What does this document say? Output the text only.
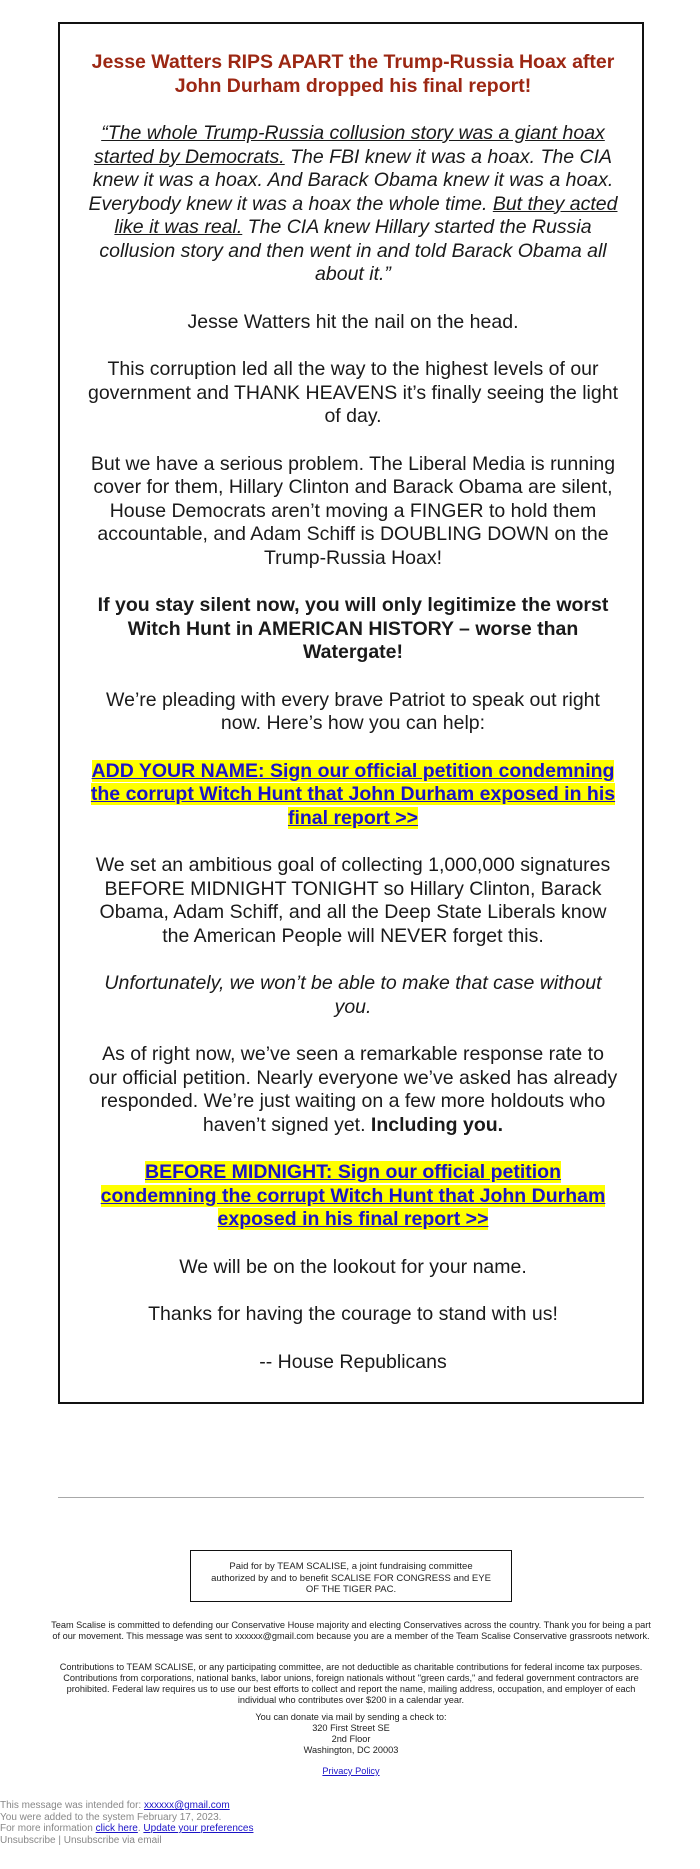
Jesse Watters RIPS APART the Trump-Russia Hoax after John Durham dropped his final report!
“The whole Trump-Russia collusion story was a giant hoax started by Democrats. The FBI knew it was a hoax. The CIA knew it was a hoax. And Barack Obama knew it was a hoax. Everybody knew it was a hoax the whole time. But they acted like it was real. The CIA knew Hillary started the Russia collusion story and then went in and told Barack Obama all about it.”
Jesse Watters hit the nail on the head.
This corruption led all the way to the highest levels of our government and THANK HEAVENS it’s finally seeing the light of day.
But we have a serious problem. The Liberal Media is running cover for them, Hillary Clinton and Barack Obama are silent, House Democrats aren’t moving a FINGER to hold them accountable, and Adam Schiff is DOUBLING DOWN on the Trump-Russia Hoax!
If you stay silent now, you will only legitimize the worst Witch Hunt in AMERICAN HISTORY – worse than Watergate!
We’re pleading with every brave Patriot to speak out right now. Here’s how you can help:
ADD YOUR NAME: Sign our official petition condemning the corrupt Witch Hunt that John Durham exposed in his final report >>
We set an ambitious goal of collecting 1,000,000 signatures BEFORE MIDNIGHT TONIGHT so Hillary Clinton, Barack Obama, Adam Schiff, and all the Deep State Liberals know the American People will NEVER forget this.
Unfortunately, we won’t be able to make that case without you.
As of right now, we’ve seen a remarkable response rate to our official petition. Nearly everyone we’ve asked has already responded. We’re just waiting on a few more holdouts who haven’t signed yet. Including you.
BEFORE MIDNIGHT: Sign our official petition condemning the corrupt Witch Hunt that John Durham exposed in his final report >>
We will be on the lookout for your name.
Thanks for having the courage to stand with us!
-- House Republicans
Paid for by TEAM SCALISE, a joint fundraising committee authorized by and to benefit SCALISE FOR CONGRESS and EYE OF THE TIGER PAC.
Team Scalise is committed to defending our Conservative House majority and electing Conservatives across the country. Thank you for being a part of our movement. This message was sent to xxxxxx@gmail.com because you are a member of the Team Scalise Conservative grassroots network.
Contributions to TEAM SCALISE, or any participating committee, are not deductible as charitable contributions for federal income tax purposes. Contributions from corporations, national banks, labor unions, foreign nationals without "green cards," and federal government contractors are prohibited. Federal law requires us to use our best efforts to collect and report the name, mailing address, occupation, and employer of each individual who contributes over $200 in a calendar year.
You can donate via mail by sending a check to:
320 First Street SE
2nd Floor
Washington, DC 20003
Privacy Policy
This message was intended for: xxxxxx@gmail.com
You were added to the system February 17, 2023.
For more information click here. Update your preferences
Unsubscribe | Unsubscribe via email
